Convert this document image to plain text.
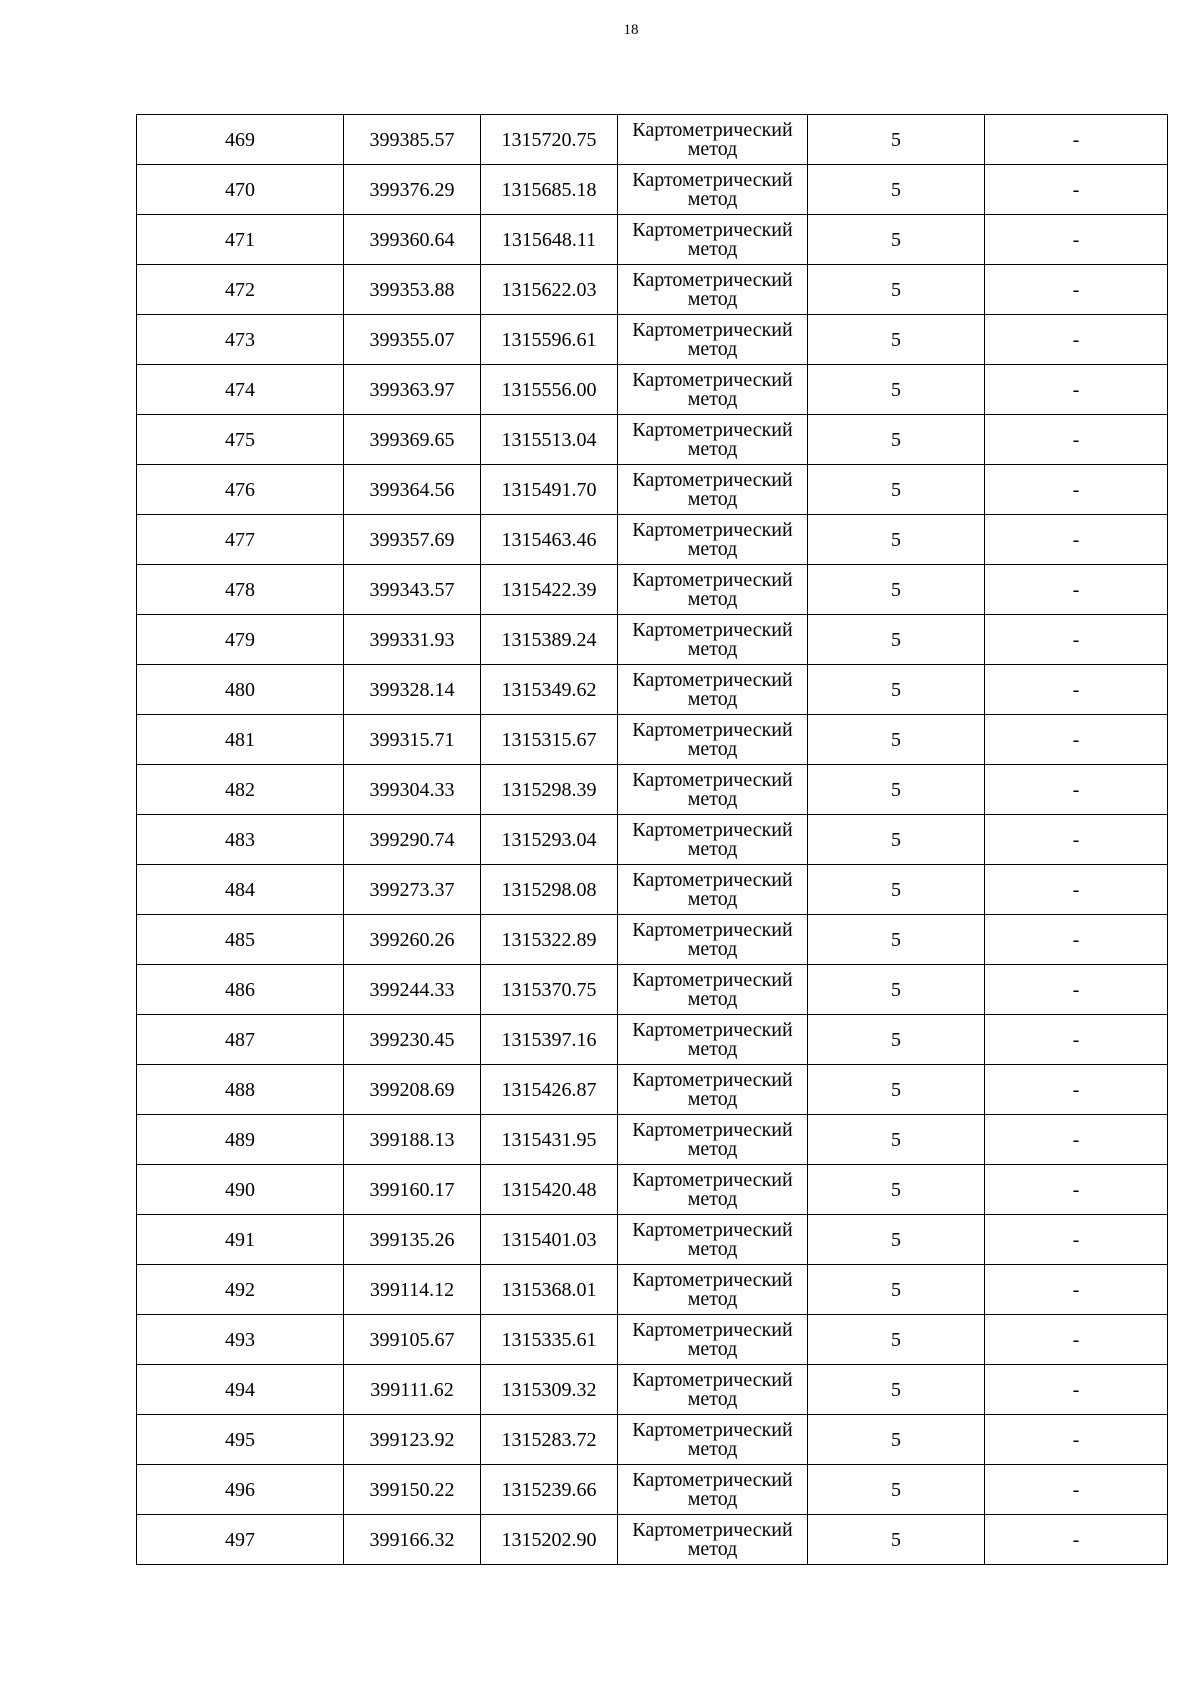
18
469	399385.57	1315720.75	Картометрический метод	5	-
470	399376.29	1315685.18	Картометрический метод	5	-
471	399360.64	1315648.11	Картометрический метод	5	-
472	399353.88	1315622.03	Картометрический метод	5	-
473	399355.07	1315596.61	Картометрический метод	5	-
474	399363.97	1315556.00	Картометрический метод	5	-
475	399369.65	1315513.04	Картометрический метод	5	-
476	399364.56	1315491.70	Картометрический метод	5	-
477	399357.69	1315463.46	Картометрический метод	5	-
478	399343.57	1315422.39	Картометрический метод	5	-
479	399331.93	1315389.24	Картометрический метод	5	-
480	399328.14	1315349.62	Картометрический метод	5	-
481	399315.71	1315315.67	Картометрический метод	5	-
482	399304.33	1315298.39	Картометрический метод	5	-
483	399290.74	1315293.04	Картометрический метод	5	-
484	399273.37	1315298.08	Картометрический метод	5	-
485	399260.26	1315322.89	Картометрический метод	5	-
486	399244.33	1315370.75	Картометрический метод	5	-
487	399230.45	1315397.16	Картометрический метод	5	-
488	399208.69	1315426.87	Картометрический метод	5	-
489	399188.13	1315431.95	Картометрический метод	5	-
490	399160.17	1315420.48	Картометрический метод	5	-
491	399135.26	1315401.03	Картометрический метод	5	-
492	399114.12	1315368.01	Картометрический метод	5	-
493	399105.67	1315335.61	Картометрический метод	5	-
494	399111.62	1315309.32	Картометрический метод	5	-
495	399123.92	1315283.72	Картометрический метод	5	-
496	399150.22	1315239.66	Картометрический метод	5	-
497	399166.32	1315202.90	Картометрический метод	5	-
